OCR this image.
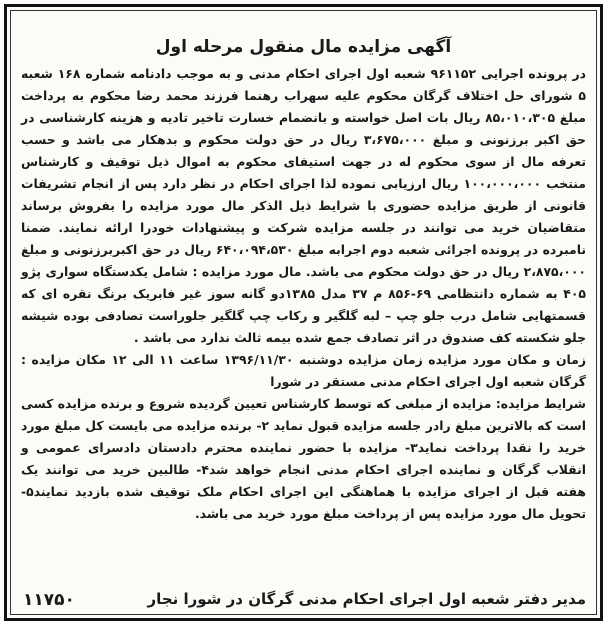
آگهی مزایده مال منقول مرحله اول

در پرونده اجرایی ۹۶۱۱۵۲ شعبه اول اجرای احکام مدنی و به موجب دادنامه شماره ۱۶۸ شعبه ۵ شورای حل اختلاف گرگان محکوم علیه سهراب رهنما فرزند محمد رضا محکوم به پرداخت مبلغ ۸۵،۰۱۰،۳۰۵ ریال بات اصل خواسته و بانضمام خسارت تاخیر تادیه و هزینه کارشناسی در حق اکبر برزنونی و مبلغ ۳،۶۷۵،۰۰۰ ریال در حق دولت محکوم و بدهکار می باشد و حسب تعرفه مال از سوی محکوم له در جهت استیفای محکوم به اموال ذیل توقیف و کارشناس منتخب ۱۰۰،۰۰۰،۰۰۰ ریال ارزیابی نموده لذا اجرای احکام در نظر دارد پس از انجام تشریفات قانونی از طریق مزایده حضوری با شرایط ذیل الذکر مال مورد مزایده را بفروش برساند متقاضیان خرید می توانند در جلسه مزایده شرکت و پیشنهادات خودرا ارائه نمایند. ضمنا نامبرده در پرونده اجرائی شعبه دوم اجرابه مبلغ ۶۴۰،۰۹۴،۵۳۰ ریال در حق اکبربرزنونی و مبلغ ۲،۸۷۵،۰۰۰ ریال در حق دولت محکوم می باشد. مال مورد مزایده : شامل یکدستگاه سواری پژو ۴۰۵ به شماره دانتظامی ۶۹-۸۵۶ م ۳۷ مدل ۱۳۸۵دو گانه سوز غیر فابریک برنگ نقره ای که قسمتهایی شامل درب جلو چپ – لبه گلگیر و رکاب چپ گلگیر جلوراست تصادفی بوده شیشه جلو شکسته کف صندوق در اثر تصادف جمع شده بیمه ثالث ندارد می باشد .

زمان و مکان مورد مزایده زمان مزایده دوشنبه ۱۳۹۶/۱۱/۳۰ ساعت ۱۱ الی ۱۲ مکان مزایده : گرگان شعبه اول اجرای احکام مدنی مستقر در شورا

شرایط مزایده: مزایده از مبلغی که توسط کارشناس تعیین گردیده شروع و برنده مزایده کسی است که بالاترین مبلغ رادر جلسه مزایده قبول نماید ۲- برنده مزایده می بایست کل مبلغ مورد خرید را نقدا پرداخت نماید۳- مزایده با حضور نماینده محترم دادستان دادسرای عمومی و انقلاب گرگان و نماینده اجرای احکام مدنی انجام خواهد شد۴- طالبین خرید می توانند یک هفته قبل از اجرای مزایده با هماهنگی این اجرای احکام ملک توقیف شده بازدید نمایند۵- تحویل مال مورد مزایده پس از پرداخت مبلغ مورد خرید می باشد.

مدیر دفتر شعبه اول اجرای احکام مدنی گرگان در شورا نجار
۱۱۷۵۰
